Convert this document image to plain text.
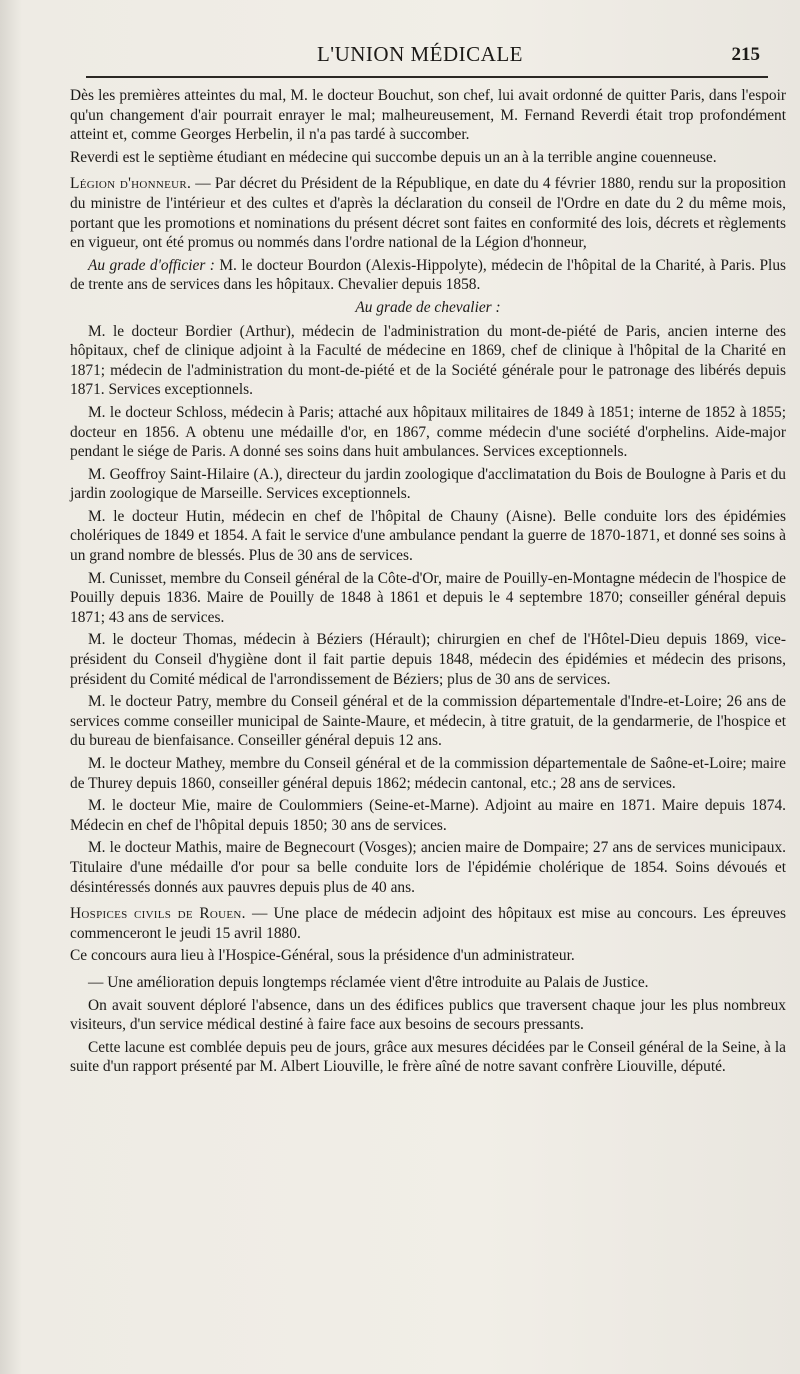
L'UNION MÉDICALE	215

Dès les premières atteintes du mal, M. le docteur Bouchut, son chef, lui avait ordonné de quitter Paris, dans l'espoir qu'un changement d'air pourrait enrayer le mal; malheureusement, M. Fernand Reverdi était trop profondément atteint et, comme Georges Herbelin, il n'a pas tardé à succomber.

Reverdi est le septième étudiant en médecine qui succombe depuis un an à la terrible angine couenneuse.

Légion d'honneur. — Par décret du Président de la République, en date du 4 février 1880, rendu sur la proposition du ministre de l'intérieur et des cultes et d'après la déclaration du conseil de l'Ordre en date du 2 du même mois, portant que les promotions et nominations du présent décret sont faites en conformité des lois, décrets et règlements en vigueur, ont été promus ou nommés dans l'ordre national de la Légion d'honneur,

Au grade d'officier : M. le docteur Bourdon (Alexis-Hippolyte), médecin de l'hôpital de la Charité, à Paris. Plus de trente ans de services dans les hôpitaux. Chevalier depuis 1858.

Au grade de chevalier :

M. le docteur Bordier (Arthur), médecin de l'administration du mont-de-piété de Paris, ancien interne des hôpitaux, chef de clinique adjoint à la Faculté de médecine en 1869, chef de clinique à l'hôpital de la Charité en 1871; médecin de l'administration du mont-de-piété et de la Société générale pour le patronage des libérés depuis 1871. Services exceptionnels.

M. le docteur Schloss, médecin à Paris; attaché aux hôpitaux militaires de 1849 à 1851; interne de 1852 à 1855; docteur en 1856. A obtenu une médaille d'or, en 1867, comme médecin d'une société d'orphelins. Aide-major pendant le siége de Paris. A donné ses soins dans huit ambulances. Services exceptionnels.

M. Geoffroy Saint-Hilaire (A.), directeur du jardin zoologique d'acclimatation du Bois de Boulogne à Paris et du jardin zoologique de Marseille. Services exceptionnels.

M. le docteur Hutin, médecin en chef de l'hôpital de Chauny (Aisne). Belle conduite lors des épidémies cholériques de 1849 et 1854. A fait le service d'une ambulance pendant la guerre de 1870-1871, et donné ses soins à un grand nombre de blessés. Plus de 30 ans de services.

M. Cunisset, membre du Conseil général de la Côte-d'Or, maire de Pouilly-en-Montagne médecin de l'hospice de Pouilly depuis 1836. Maire de Pouilly de 1848 à 1861 et depuis le 4 septembre 1870; conseiller général depuis 1871; 43 ans de services.

M. le docteur Thomas, médecin à Béziers (Hérault); chirurgien en chef de l'Hôtel-Dieu depuis 1869, vice-président du Conseil d'hygiène dont il fait partie depuis 1848, médecin des épidémies et médecin des prisons, président du Comité médical de l'arrondissement de Béziers; plus de 30 ans de services.

M. le docteur Patry, membre du Conseil général et de la commission départementale d'Indre-et-Loire; 26 ans de services comme conseiller municipal de Sainte-Maure, et médecin, à titre gratuit, de la gendarmerie, de l'hospice et du bureau de bienfaisance. Conseiller général depuis 12 ans.

M. le docteur Mathey, membre du Conseil général et de la commission départementale de Saône-et-Loire; maire de Thurey depuis 1860, conseiller général depuis 1862; médecin cantonal, etc.; 28 ans de services.

M. le docteur Mie, maire de Coulommiers (Seine-et-Marne). Adjoint au maire en 1871. Maire depuis 1874. Médecin en chef de l'hôpital depuis 1850; 30 ans de services.

M. le docteur Mathis, maire de Begnecourt (Vosges); ancien maire de Dompaire; 27 ans de services municipaux. Titulaire d'une médaille d'or pour sa belle conduite lors de l'épidémie cholérique de 1854. Soins dévoués et désintéressés donnés aux pauvres depuis plus de 40 ans.

Hospices civils de Rouen. — Une place de médecin adjoint des hôpitaux est mise au concours. Les épreuves commenceront le jeudi 15 avril 1880.

Ce concours aura lieu à l'Hospice-Général, sous la présidence d'un administrateur.

— Une amélioration depuis longtemps réclamée vient d'être introduite au Palais de Justice.

On avait souvent déploré l'absence, dans un des édifices publics que traversent chaque jour les plus nombreux visiteurs, d'un service médical destiné à faire face aux besoins de secours pressants.

Cette lacune est comblée depuis peu de jours, grâce aux mesures décidées par le Conseil général de la Seine, à la suite d'un rapport présenté par M. Albert Liouville, le frère aîné de notre savant confrère Liouville, député.
